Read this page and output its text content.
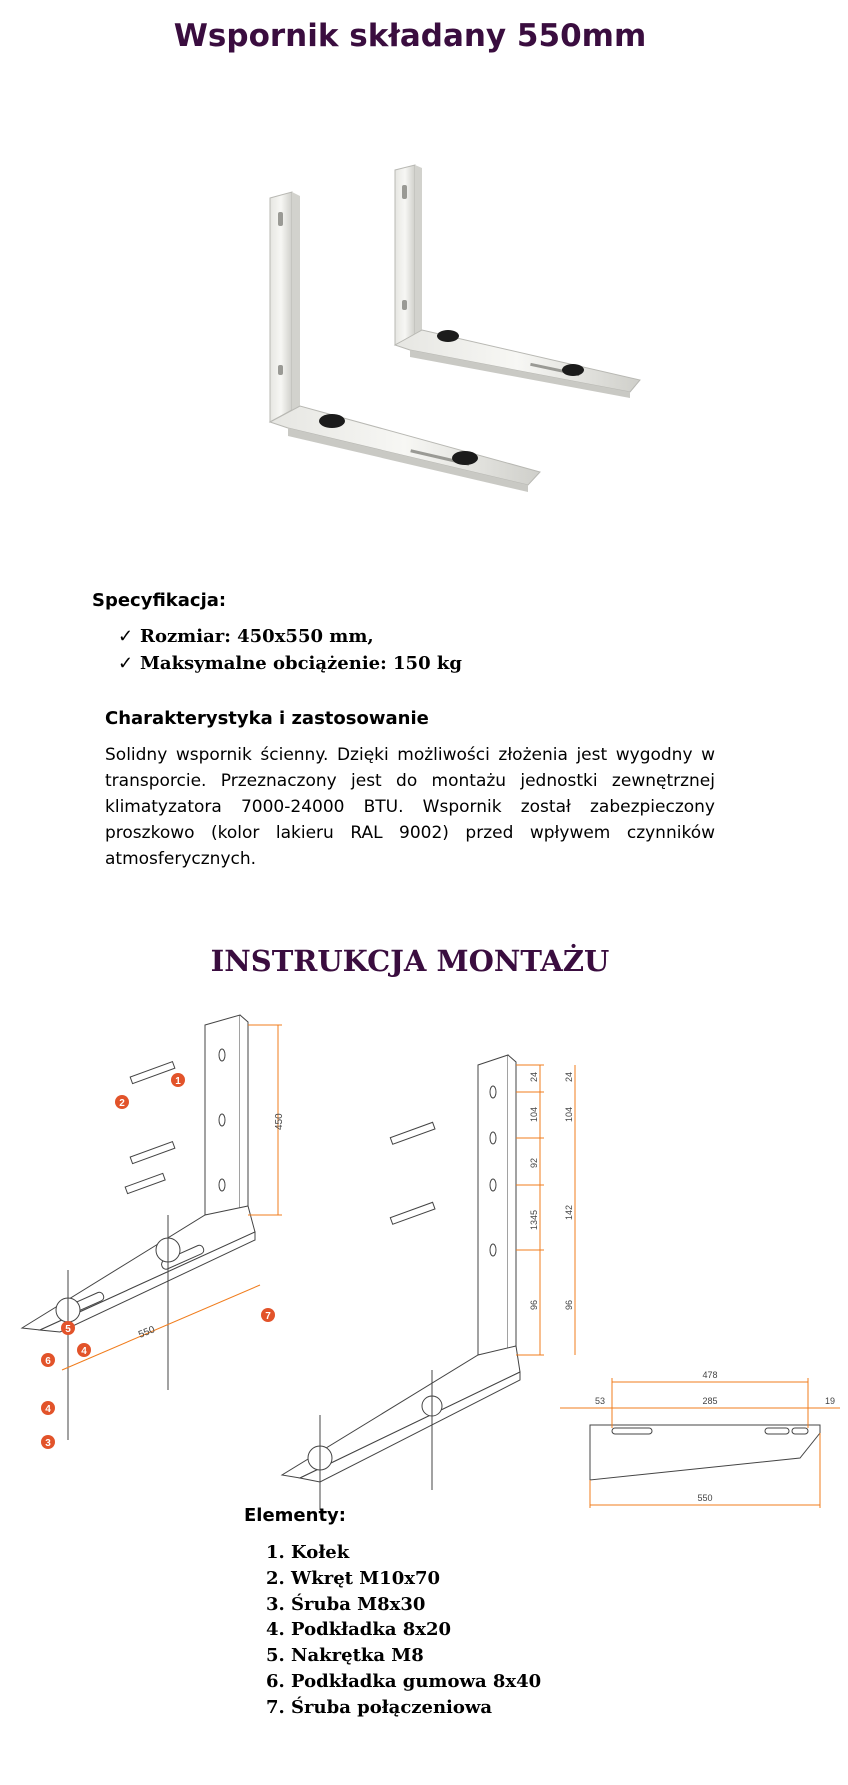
Wspornik składany 550mm
Specyfikacja:
✓ Rozmiar: 450x550 mm,
✓ Maksymalne obciążenie: 150 kg
Charakterystyka i zastosowanie

Solidny wspornik ścienny. Dzięki możliwości złożenia jest wygodny w transporcie. Przeznaczony jest do montażu jednostki zewnętrznej klimatyzatora 7000-24000 BTU. Wspornik został zabezpieczony proszkowo (kolor lakieru RAL 9002) przed wpływem czynników atmosferycznych.

INSTRUKCJA MONTAŻU
450
550
1
2
3
4
4
5
6
7
24
104
92
1345
96
24
104
142
96
478
53	285	19
550
Elementy:
1. Kołek
2. Wkręt M10x70
3. Śruba M8x30
4. Podkładka 8x20
5. Nakrętka M8
6. Podkładka gumowa 8x40
7. Śruba połączeniowa
